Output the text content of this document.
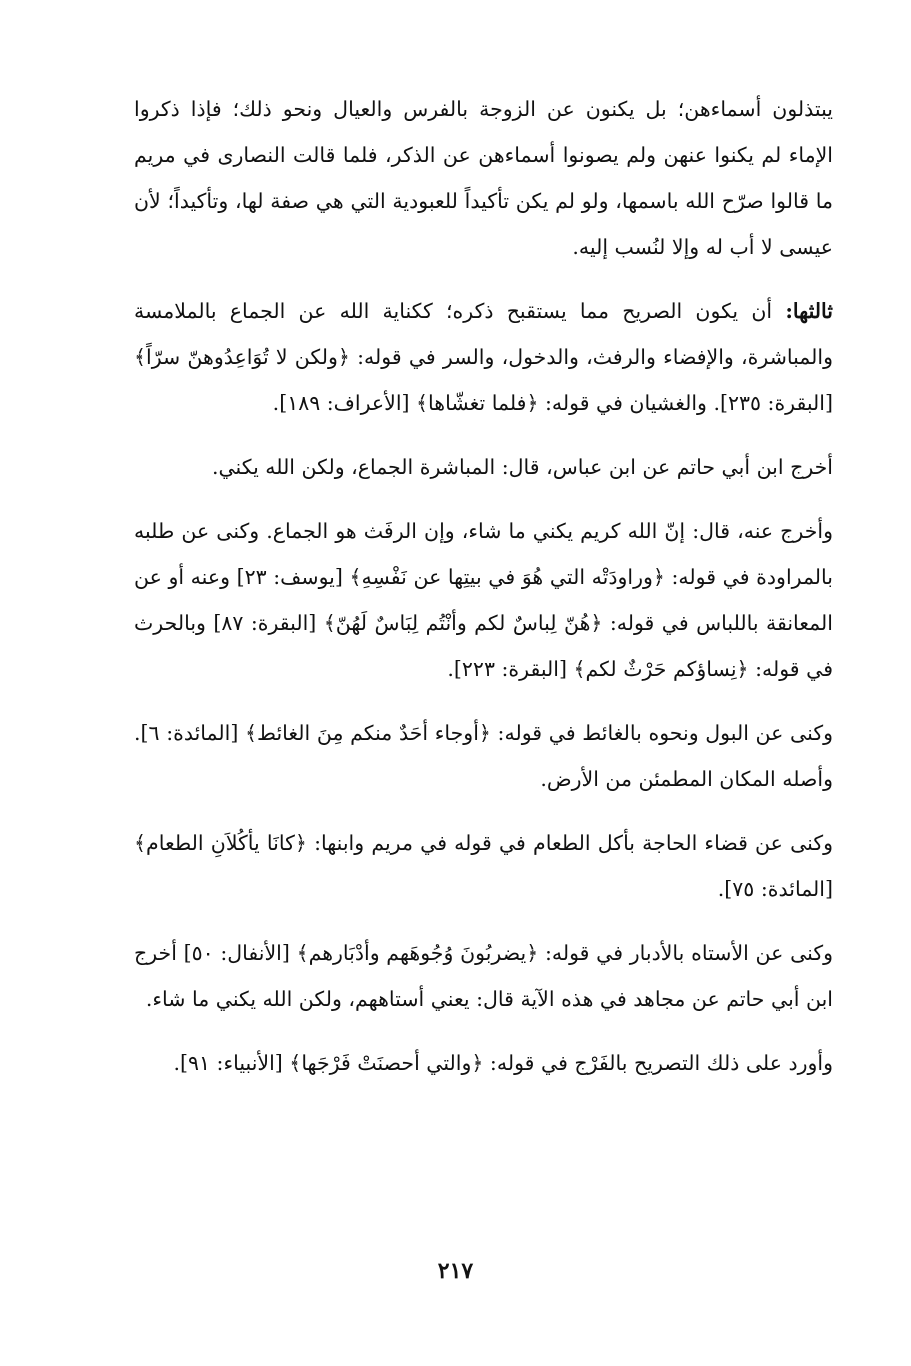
يبتذلون أسماءهن؛ بل يكنون عن الزوجة بالفرس والعيال ونحو ذلك؛ فإذا ذكروا الإماء لم يكنوا عنهن ولم يصونوا أسماءهن عن الذكر، فلما قالت النصارى في مريم ما قالوا صرّح الله باسمها، ولو لم يكن تأكيداً للعبودية التي هي صفة لها، وتأكيداً؛ لأن عيسى لا أب له وإلا لنُسب إليه.

ثالثها: أن يكون الصريح مما يستقبح ذكره؛ ككناية الله عن الجماع بالملامسة والمباشرة، والإفضاء والرفث، والدخول، والسر في قوله: ﴿ولكن لا تُوَاعِدُوهنّ سرّاً﴾ [البقرة: ٢٣٥]. والغشيان في قوله: ﴿فلما تغشّاها﴾ [الأعراف: ١٨٩].

أخرج ابن أبي حاتم عن ابن عباس، قال: المباشرة الجماع، ولكن الله يكني.

وأخرج عنه، قال: إنّ الله كريم يكني ما شاء، وإن الرفَث هو الجماع. وكنى عن طلبه بالمراودة في قوله: ﴿وراودَتْه التي هُوَ في بيتِها عن نَفْسِهِ﴾ [يوسف: ٢٣] وعنه أو عن المعانقة باللباس في قوله: ﴿هُنّ لِباسٌ لكم وأنْتُم لِبَاسٌ لَهُنّ﴾ [البقرة: ٨٧] وبالحرث في قوله: ﴿نِساؤكم حَرْثٌ لكم﴾ [البقرة: ٢٢٣].

وكنى عن البول ونحوه بالغائط في قوله: ﴿أوجاء أحَدٌ منكم مِنَ الغائط﴾ [المائدة: ٦]. وأصله المكان المطمئن من الأرض.

وكنى عن قضاء الحاجة بأكل الطعام في قوله في مريم وابنها: ﴿كانَا يأكُلاَنِ الطعام﴾ [المائدة: ٧٥].

وكنى عن الأستاه بالأدبار في قوله: ﴿يضربُونَ وُجُوهَهم وأدْبَارهم﴾ [الأنفال: ٥٠] أخرج ابن أبي حاتم عن مجاهد في هذه الآية قال: يعني أستاههم، ولكن الله يكني ما شاء.

وأورد على ذلك التصريح بالفَرْج في قوله: ﴿والتي أحصنَتْ فَرْجَها﴾ [الأنبياء: ٩١].

٢١٧
